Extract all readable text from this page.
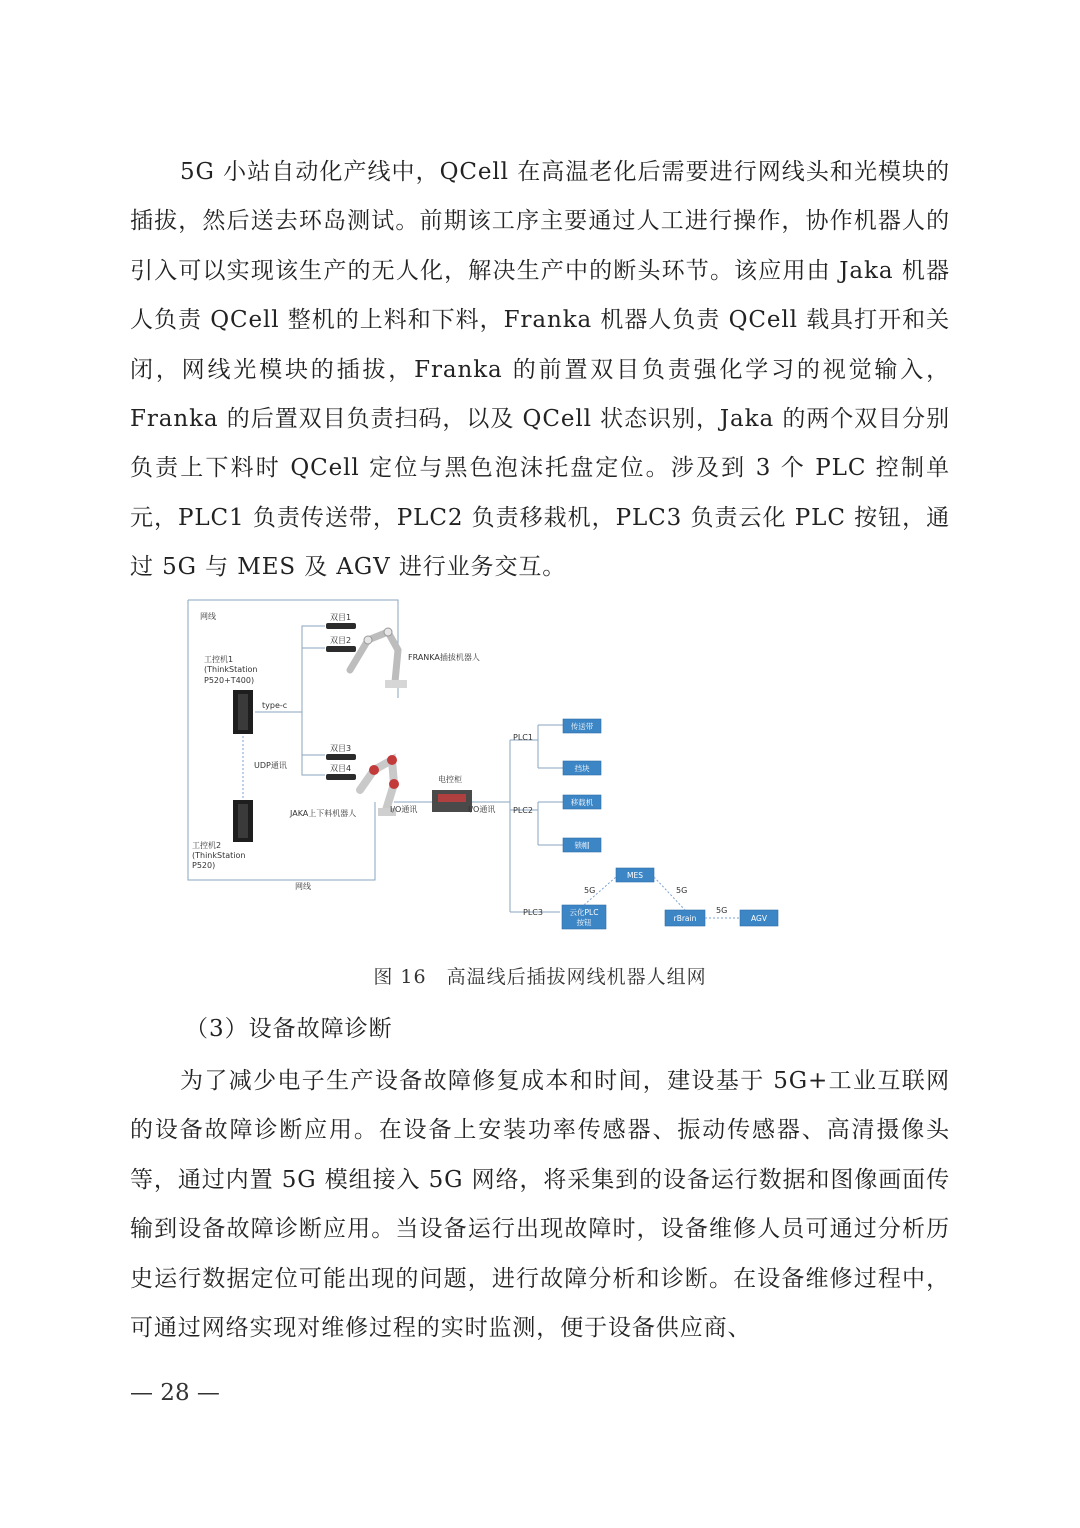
5G 小站自动化产线中，QCell 在高温老化后需要进行网线头和光模块的插拔，然后送去环岛测试。前期该工序主要通过人工进行操作，协作机器人的引入可以实现该生产的无人化，解决生产中的断头环节。该应用由 Jaka 机器人负责 QCell 整机的上料和下料，Franka 机器人负责 QCell 载具打开和关闭，网线光模块的插拔，Franka 的前置双目负责强化学习的视觉输入，Franka 的后置双目负责扫码，以及 QCell 状态识别，Jaka 的两个双目分别负责上下料时 QCell 定位与黑色泡沫托盘定位。涉及到 3 个 PLC 控制单元，PLC1 负责传送带，PLC2 负责移栽机，PLC3 负责云化 PLC 按钮，通过 5G 与 MES 及 AGV 进行业务交互。

网线
网线
工控机1
(ThinkStation
P520+T400)
工控机2
(ThinkStation
P520)
UDP通讯
type-c
双目1
双目2
双目3
双目4
FRANKA插拔机器人
JAKA上下料机器人	I/O通讯
电控柜
I/O通讯
PLC1
PLC2
PLC3
传送带
挡块
移载机
锁帽
云化PLC
按钮
MES
rBrain	AGV
5G	5G
5G
图 16　高温线后插拔网线机器人组网

（3）设备故障诊断

为了减少电子生产设备故障修复成本和时间，建设基于 5G+工业互联网的设备故障诊断应用。在设备上安装功率传感器、振动传感器、高清摄像头等，通过内置 5G 模组接入 5G 网络，将采集到的设备运行数据和图像画面传输到设备故障诊断应用。当设备运行出现故障时，设备维修人员可通过分析历史运行数据定位可能出现的问题，进行故障分析和诊断。在设备维修过程中，可通过网络实现对维修过程的实时监测，便于设备供应商、

— 28 —
